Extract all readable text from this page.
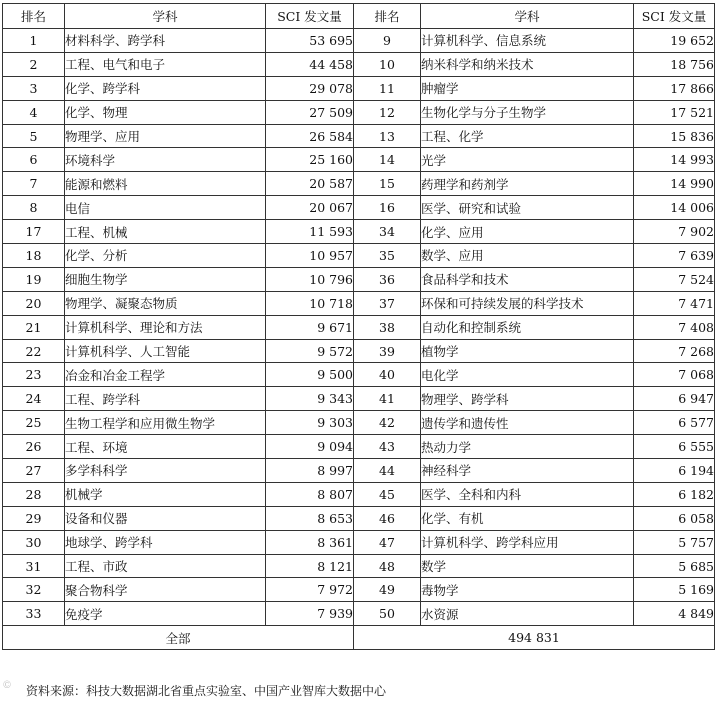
排名	学科	SCI 发文量	排名	学科	SCI 发文量
1	材料科学、跨学科	53 695	9	计算机科学、信息系统	19 652
2	工程、电气和电子	44 458	10	纳米科学和纳米技术	18 756
3	化学、跨学科	29 078	11	肿瘤学	17 866
4	化学、物理	27 509	12	生物化学与分子生物学	17 521
5	物理学、应用	26 584	13	工程、化学	15 836
6	环境科学	25 160	14	光学	14 993
7	能源和燃料	20 587	15	药理学和药剂学	14 990
8	电信	20 067	16	医学、研究和试验	14 006
17	工程、机械	11 593	34	化学、应用	7 902
18	化学、分析	10 957	35	数学、应用	7 639
19	细胞生物学	10 796	36	食品科学和技术	7 524
20	物理学、凝聚态物质	10 718	37	环保和可持续发展的科学技术	7 471
21	计算机科学、理论和方法	9 671	38	自动化和控制系统	7 408
22	计算机科学、人工智能	9 572	39	植物学	7 268
23	冶金和冶金工程学	9 500	40	电化学	7 068
24	工程、跨学科	9 343	41	物理学、跨学科	6 947
25	生物工程学和应用微生物学	9 303	42	遗传学和遗传性	6 577
26	工程、环境	9 094	43	热动力学	6 555
27	多学科科学	8 997	44	神经科学	6 194
28	机械学	8 807	45	医学、全科和内科	6 182
29	设备和仪器	8 653	46	化学、有机	6 058
30	地球学、跨学科	8 361	47	计算机科学、跨学科应用	5 757
31	工程、市政	8 121	48	数学	5 685
32	聚合物科学	7 972	49	毒物学	5 169
33	免疫学	7 939	50	水资源	4 849
全部			494 831		
© 资料来源：科技大数据湖北省重点实验室、中国产业智库大数据中心
